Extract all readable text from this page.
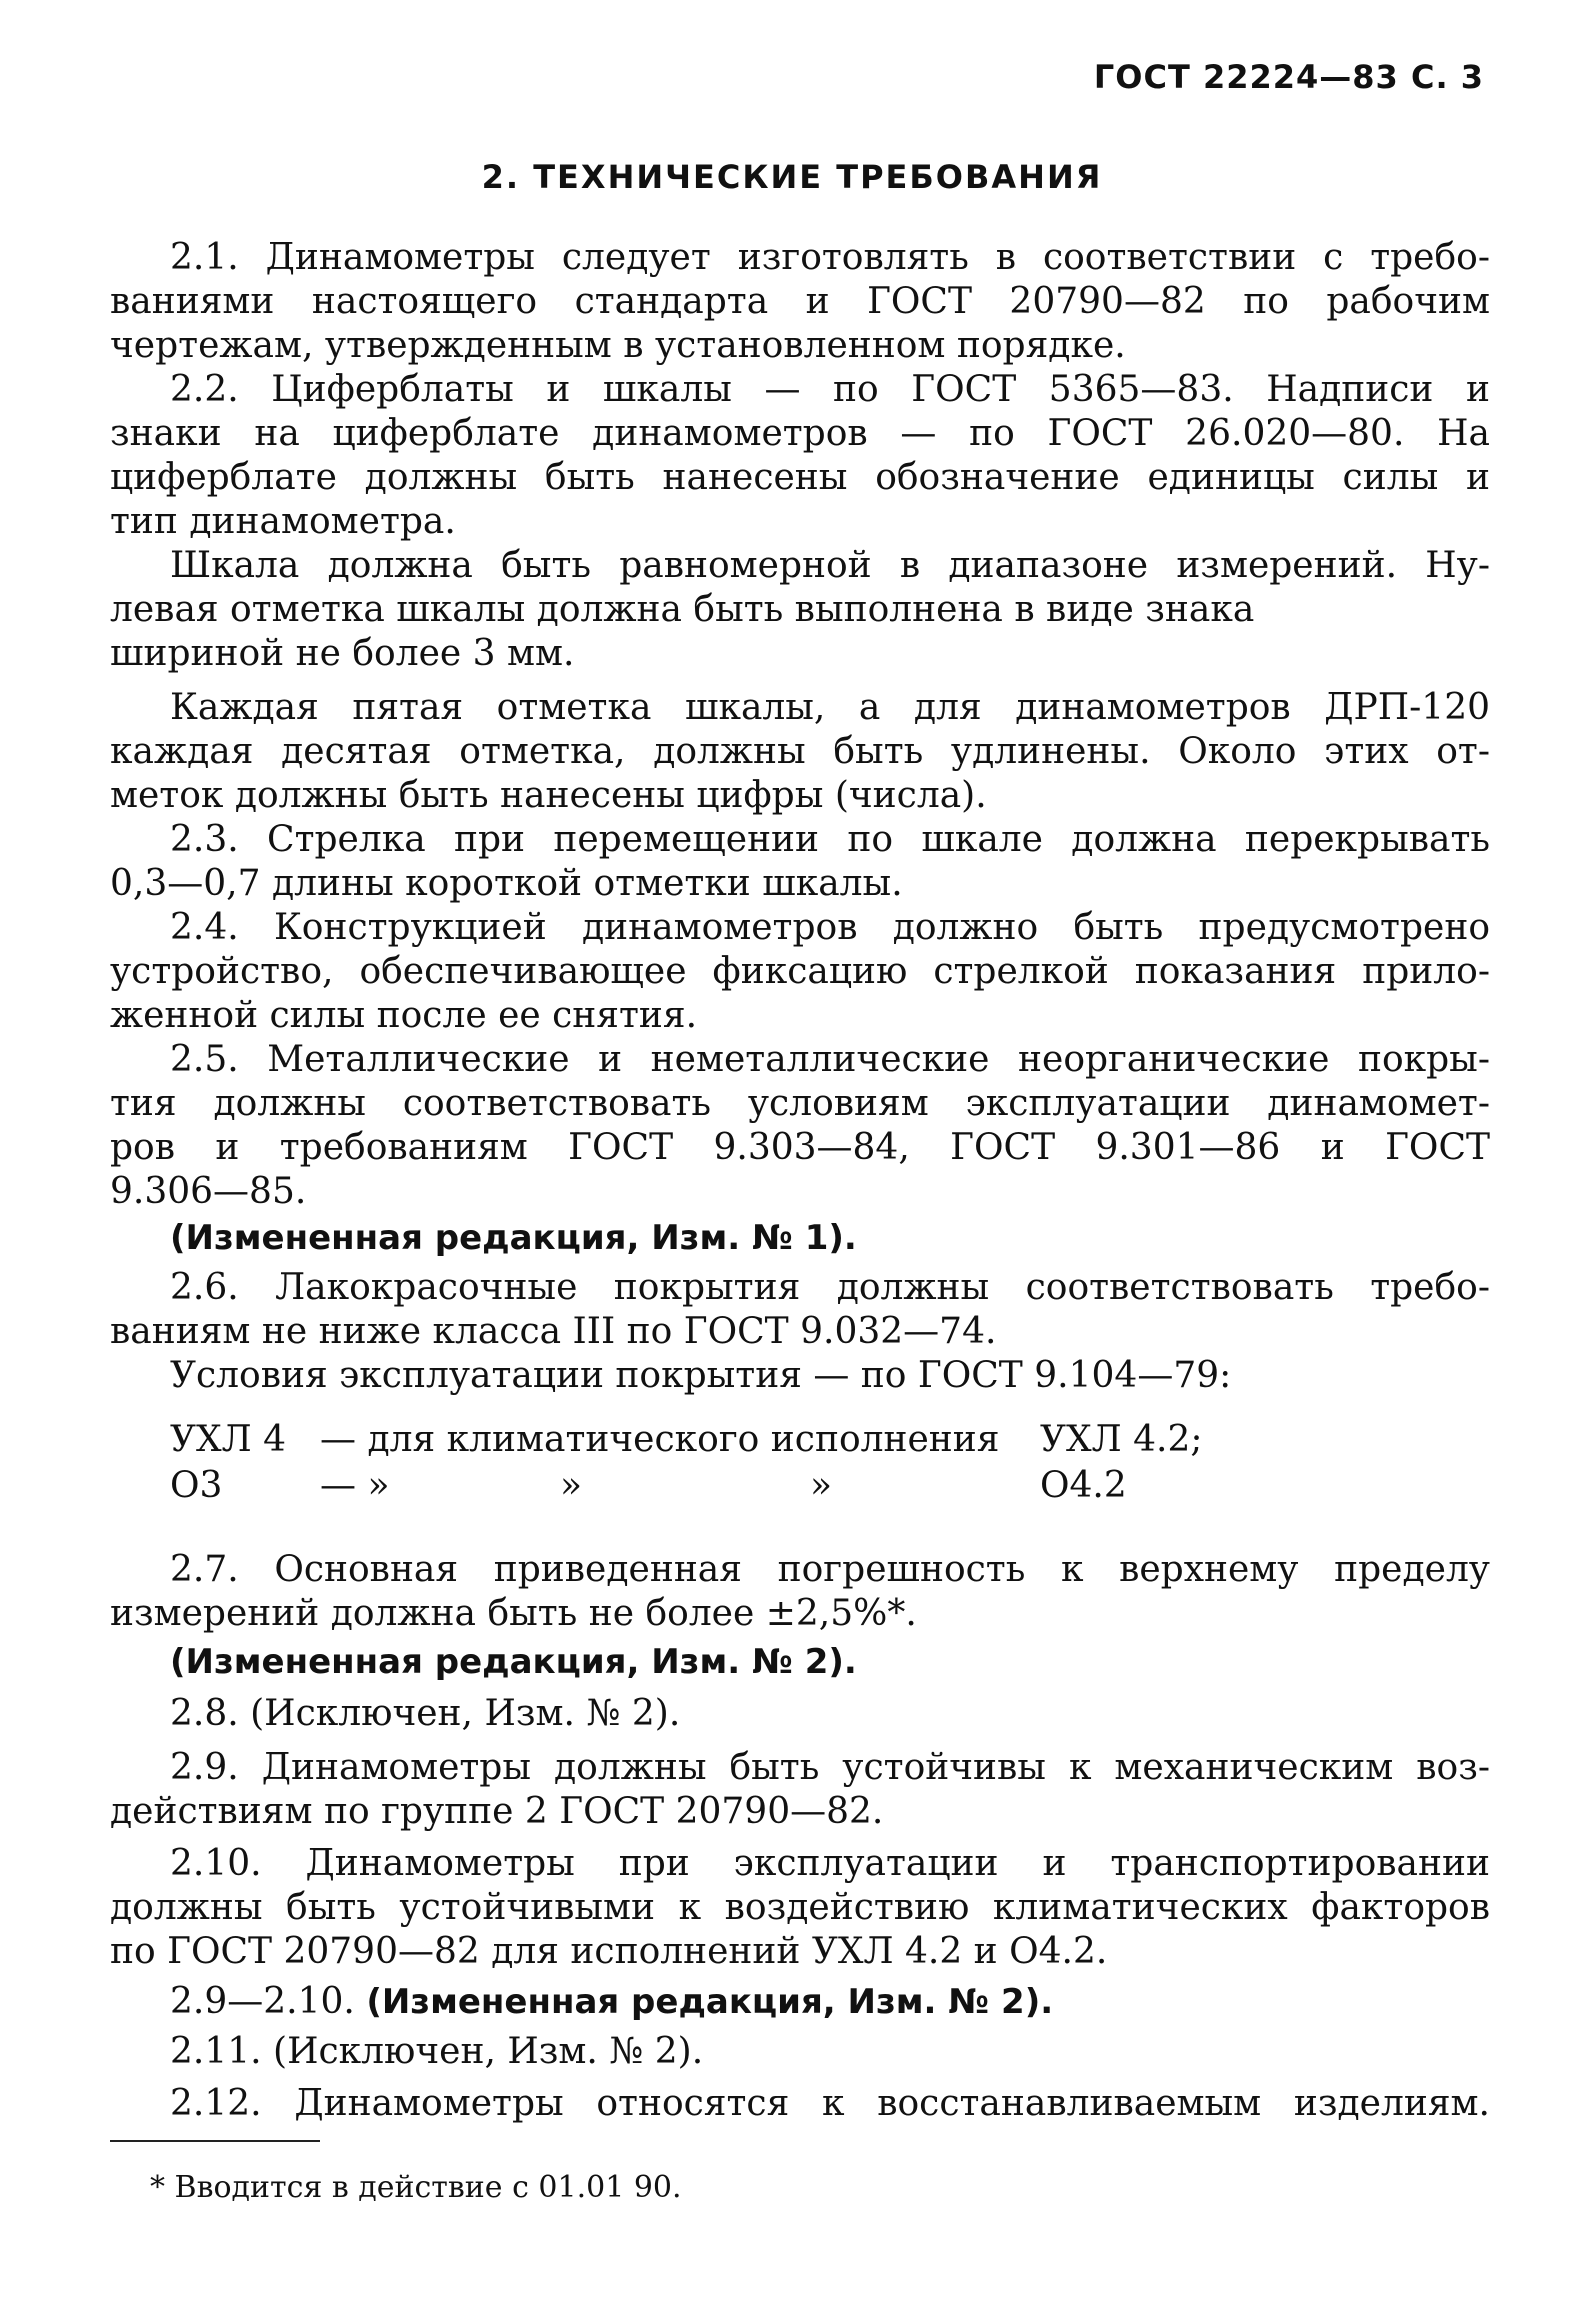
ГОСТ 22224—83 С. 3

2. ТЕХНИЧЕСКИЕ ТРЕБОВАНИЯ

2.1. Динамометры следует изготовлять в соответствии с требо-

ваниями настоящего стандарта и ГОСТ 20790—82 по рабочим

чертежам, утвержденным в установленном порядке.

2.2. Циферблаты и шкалы — по ГОСТ 5365—83. Надписи и

знаки на циферблате динамометров — по ГОСТ 26.020—80. На

циферблате должны быть нанесены обозначение единицы силы и

тип динамометра.

Шкала должна быть равномерной в диапазоне измерений. Ну-

левая отметка шкалы должна быть выполнена в виде знака

шириной не более 3 мм.

Каждая пятая отметка шкалы, а для динамометров ДРП-120

каждая десятая отметка, должны быть удлинены. Около этих от-

меток должны быть нанесены цифры (числа).

2.3. Стрелка при перемещении по шкале должна перекрывать

0,3—0,7 длины короткой отметки шкалы.

2.4. Конструкцией динамометров должно быть предусмотрено

устройство, обеспечивающее фиксацию стрелкой показания прило-

женной силы после ее снятия.

2.5. Металлические и неметаллические неорганические покры-

тия должны соответствовать условиям эксплуатации динамомет-

ров и требованиям ГОСТ 9.303—84, ГОСТ 9.301—86 и ГОСТ

9.306—85.

(Измененная редакция, Изм. № 1).

2.6. Лакокрасочные покрытия должны соответствовать требо-

ваниям не ниже класса III по ГОСТ 9.032—74.

Условия эксплуатации покрытия — по ГОСТ 9.104—79:

УХЛ 4 — для климатического исполнения УХЛ 4.2;

О3	— »	»	»	О4.2

2.7. Основная приведенная погрешность к верхнему пределу

измерений должна быть не более ±2,5%*.

(Измененная редакция, Изм. № 2).

2.8. (Исключен, Изм. № 2).

2.9. Динамометры должны быть устойчивы к механическим воз-

действиям по группе 2 ГОСТ 20790—82.

2.10. Динамометры при эксплуатации и транспортировании

должны быть устойчивыми к воздействию климатических факторов

по ГОСТ 20790—82 для исполнений УХЛ 4.2 и О4.2.

2.9—2.10. (Измененная редакция, Изм. № 2).

2.11. (Исключен, Изм. № 2).

2.12. Динамометры относятся к восстанавливаемым изделиям.

* Вводится в действие с 01.01 90.
